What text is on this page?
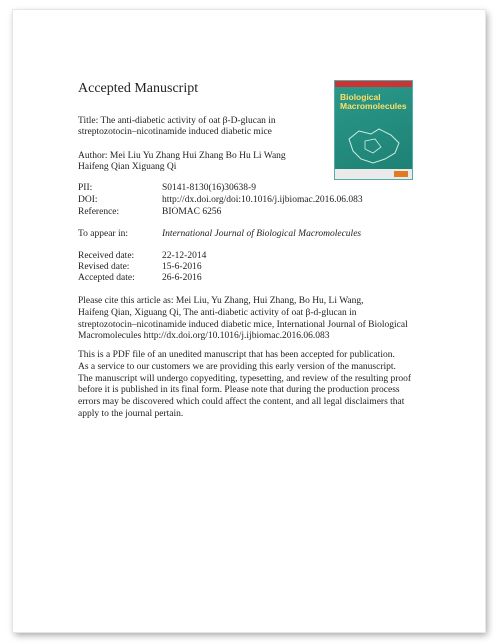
Accepted Manuscript
Biological
Macromolecules
Title: The anti-diabetic activity of oat β-D-glucan in
streptozotocin–nicotinamide induced diabetic mice
Author: Mei Liu Yu Zhang Hui Zhang Bo Hu Li Wang
Haifeng Qian Xiguang Qi
PII:	S0141-8130(16)30638-9
DOI:	http://dx.doi.org/doi:10.1016/j.ijbiomac.2016.06.083
Reference:	BIOMAC 6256
To appear in:	International Journal of Biological Macromolecules
Received date:	22-12-2014
Revised date:	15-6-2016
Accepted date:	26-6-2016
Please cite this article as: Mei Liu, Yu Zhang, Hui Zhang, Bo Hu, Li Wang,
Haifeng Qian, Xiguang Qi, The anti-diabetic activity of oat β-d-glucan in
streptozotocin–nicotinamide induced diabetic mice, International Journal of Biological
Macromolecules http://dx.doi.org/10.1016/j.ijbiomac.2016.06.083
This is a PDF file of an unedited manuscript that has been accepted for publication.
As a service to our customers we are providing this early version of the manuscript.
The manuscript will undergo copyediting, typesetting, and review of the resulting proof
before it is published in its final form. Please note that during the production process
errors may be discovered which could affect the content, and all legal disclaimers that
apply to the journal pertain.
